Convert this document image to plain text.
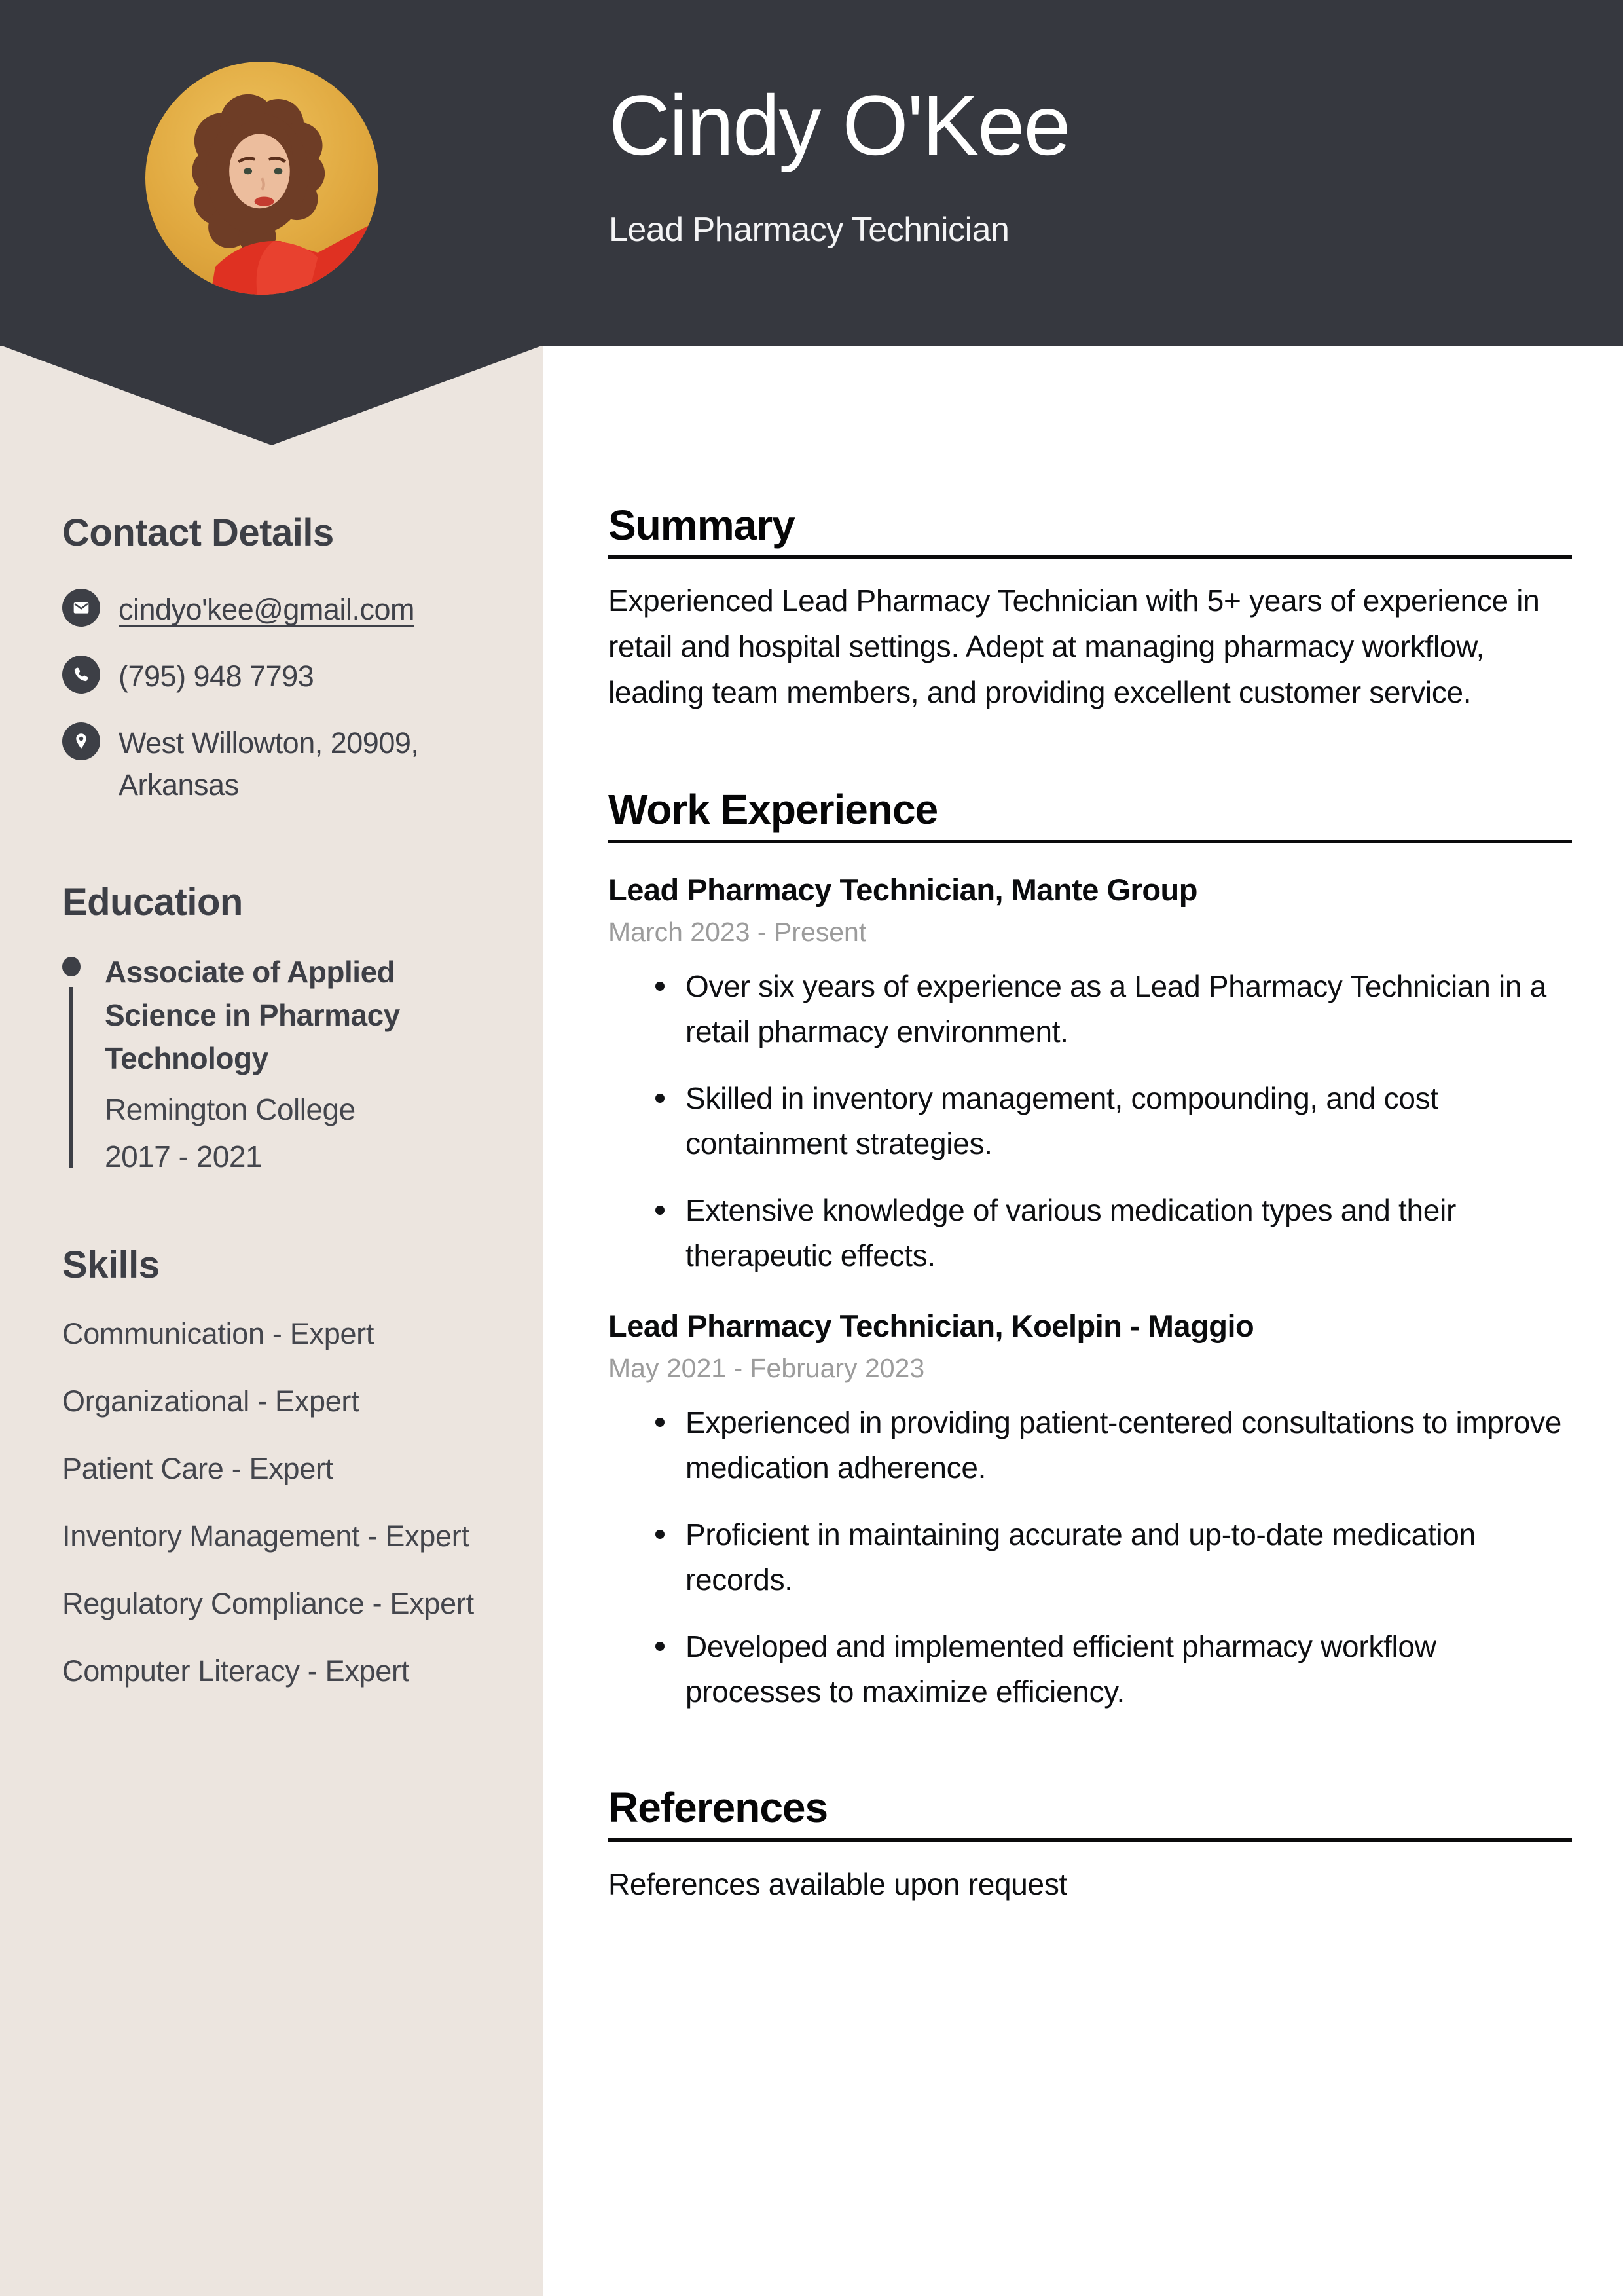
Cindy O'Kee
Lead Pharmacy Technician
Contact Details
cindyo'kee@gmail.com
(795) 948 7793
West Willowton, 20909,
Arkansas
Education
Associate of Applied Science in Pharmacy Technology
Remington College
2017 - 2021
Skills
Communication - Expert
Organizational - Expert
Patient Care - Expert
Inventory Management - Expert
Regulatory Compliance - Expert
Computer Literacy - Expert
Summary
Experienced Lead Pharmacy Technician with 5+ years of experience in retail and hospital settings. Adept at managing pharmacy workflow, leading team members, and providing excellent customer service.
Work Experience
Lead Pharmacy Technician, Mante Group
March 2023 - Present
Over six years of experience as a Lead Pharmacy Technician in a retail pharmacy environment.
Skilled in inventory management, compounding, and cost containment strategies.
Extensive knowledge of various medication types and their therapeutic effects.
Lead Pharmacy Technician, Koelpin - Maggio
May 2021 - February 2023
Experienced in providing patient-centered consultations to improve medication adherence.
Proficient in maintaining accurate and up-to-date medication records.
Developed and implemented efficient pharmacy workflow processes to maximize efficiency.
References
References available upon request
